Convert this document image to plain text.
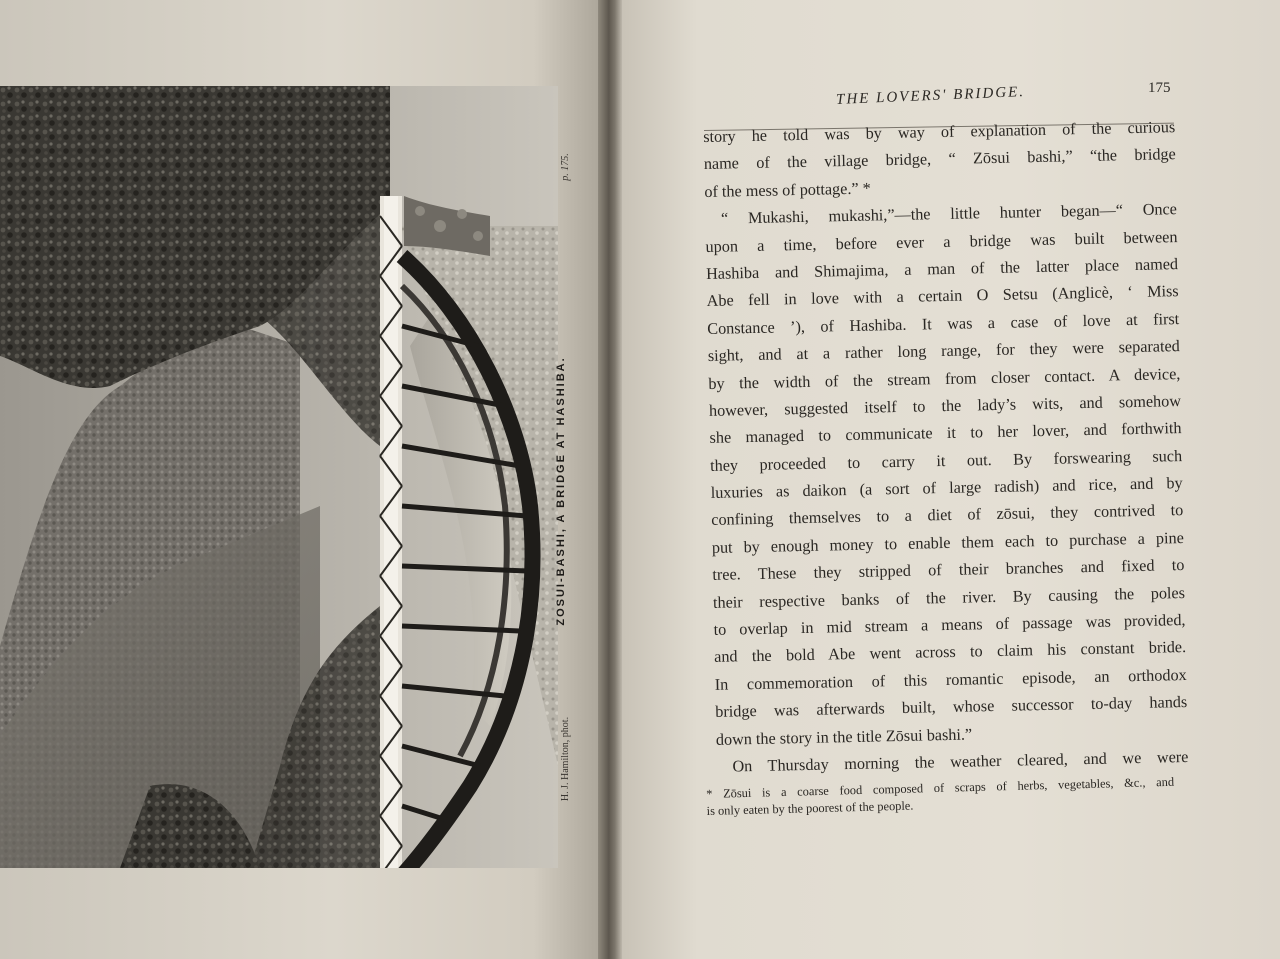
ZOSUI-BASHI, A BRIDGE AT HASHIBA.
H. J. Hamilton, phot.
p. 175.
THE LOVERS' BRIDGE.	175
story he told was by way of explanation of the curious
name of the village bridge, “ Zōsui bashi,” “the bridge
of the mess of pottage.” *
“ Mukashi, mukashi,”—the little hunter began—“ Once
upon a time, before ever a bridge was built between
Hashiba and Shimajima, a man of the latter place named
Abe fell in love with a certain O Setsu (Anglicè, ‘ Miss
Constance ’), of Hashiba. It was a case of love at first
sight, and at a rather long range, for they were separated
by the width of the stream from closer contact. A device,
however, suggested itself to the lady’s wits, and somehow
she managed to communicate it to her lover, and forthwith
they proceeded to carry it out. By forswearing such
luxuries as daikon (a sort of large radish) and rice, and by
confining themselves to a diet of zōsui, they contrived to
put by enough money to enable them each to purchase a pine
tree. These they stripped of their branches and fixed to
their respective banks of the river. By causing the poles
to overlap in mid stream a means of passage was provided,
and the bold Abe went across to claim his constant bride.
In commemoration of this romantic episode, an orthodox
bridge was afterwards built, whose successor to-day hands
down the story in the title Zōsui bashi.”
On Thursday morning the weather cleared, and we were
* Zōsui is a coarse food composed of scraps of herbs, vegetables, &c., and
is only eaten by the poorest of the people.
